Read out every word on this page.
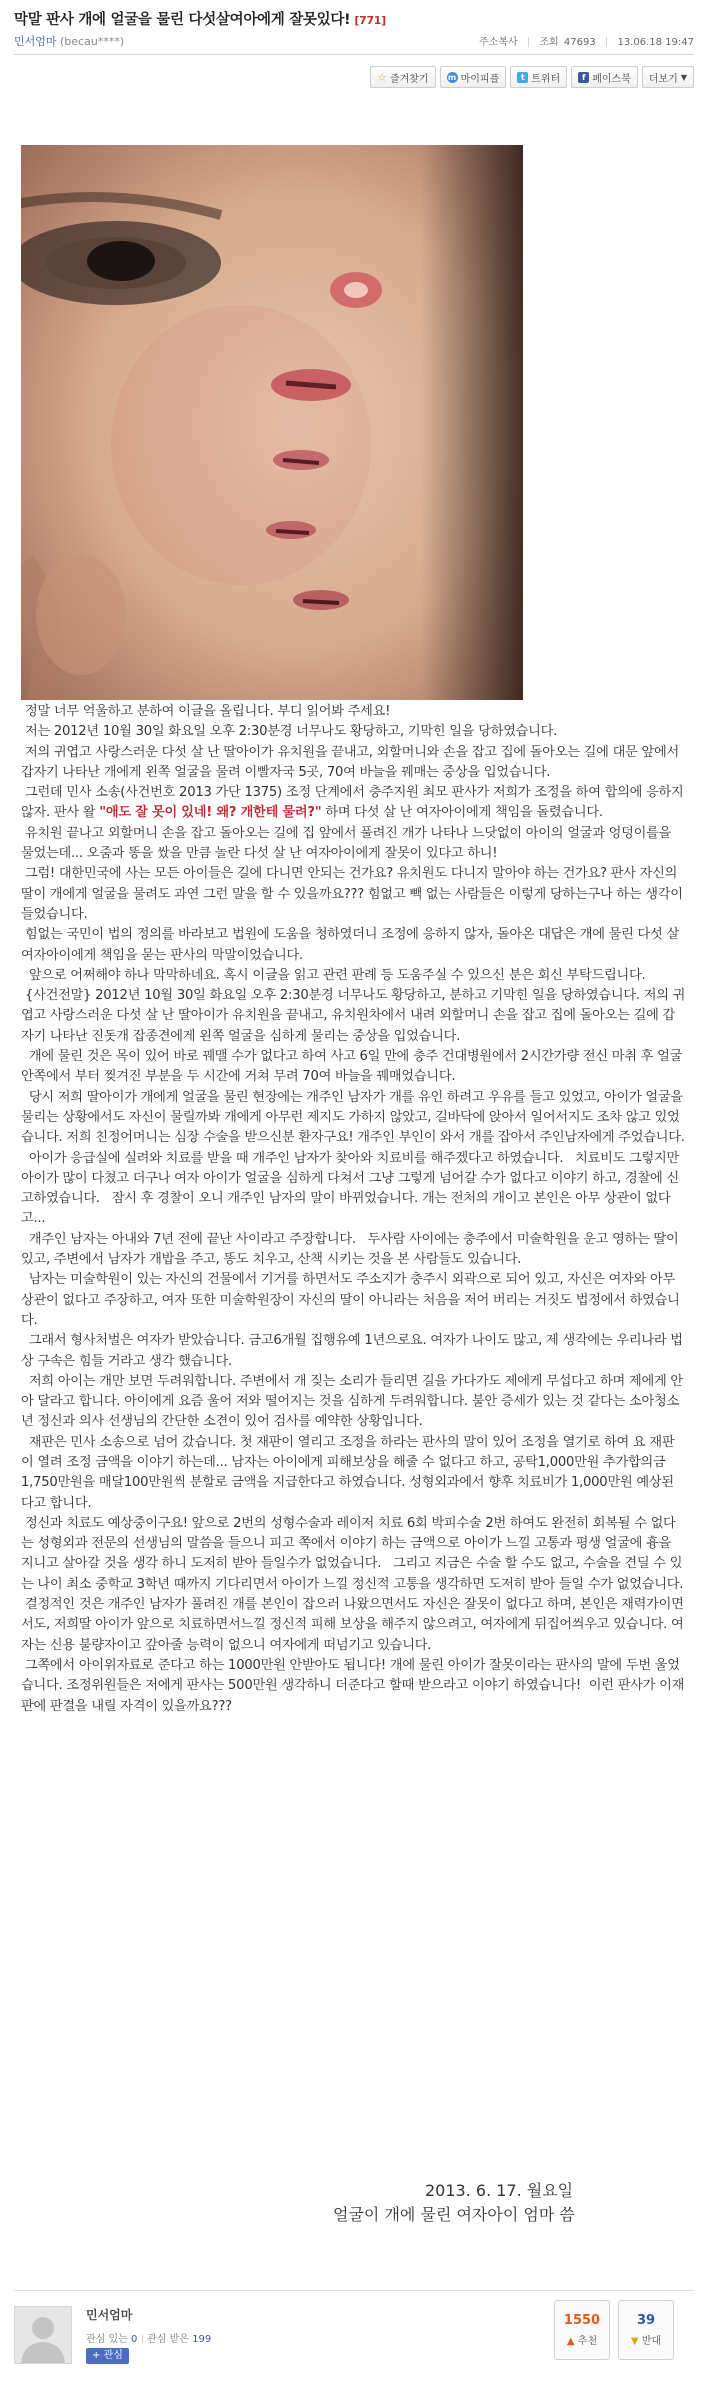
막말 판사 개에 얼굴을 물린 다섯살여아에게 잘못있다! [771]
민서엄마 (becau****)	주소복사 | 조회 47693 | 13.06.18 19:47
☆ 즐겨찾기 m 마이피플	t 트위터	f 페이스북 더보기 ▼

정말 너무 억울하고 분하여 이글을 올립니다. 부디 읽어봐 주세요!

저는 2012년 10월 30일 화요일 오후 2:30분경 너무나도 황당하고, 기막힌 일을 당하였습니다.

저의 귀엽고 사랑스러운 다섯 살 난 딸아이가 유치원을 끝내고, 외할머니와 손을 잡고 집에 돌아오는 길에 대문 앞에서 갑자기 나타난 개에게 왼쪽 얼굴을 물려 이빨자국 5곳, 70여 바늘을 꿰매는 중상을 입었습니다.

그런데 민사 소송(사건번호 2013 가단 1375) 조정 단계에서 충주지원 최모 판사가 저희가 조정을 하여 합의에 응하지 않자. 판사 왈 "애도 잘 못이 있네! 왜? 개한테 물려?" 하며 다섯 살 난 여자아이에게 책임을 돌렸습니다.

유치원 끝나고 외할머니 손을 잡고 돌아오는 길에 집 앞에서 풀려진 개가 나타나 느닷없이 아이의 얼굴과 엉덩이를을 물었는데... 오줌과 똥을 쌌을 만큼 놀란 다섯 살 난 여자아이에게 잘못이 있다고 하니!

그럼! 대한민국에 사는 모든 아이들은 길에 다니면 안되는 건가요? 유치원도 다니지 말아야 하는 건가요? 판사 자신의 딸이 개에게 얼굴을 물려도 과연 그런 말을 할 수 있을까요??? 힘없고 빽 없는 사람들은 이렇게 당하는구나 하는 생각이 들었습니다.

힘없는 국민이 법의 정의를 바라보고 법원에 도움을 청하였더니 조정에 응하지 않자, 돌아온 대답은 개에 물린 다섯 살 여자아이에게 책임을 묻는 판사의 막말이었습니다.

앞으로 어쩌해야 하나 막막하네요. 혹시 이글을 읽고 관련 판례 등 도움주실 수 있으신 분은 회신 부탁드립니다.

{사건전말} 2012년 10월 30일 화요일 오후 2:30분경 너무나도 황당하고, 분하고 기막힌 일을 당하였습니다. 저의 귀엽고 사랑스러운 다섯 살 난 딸아이가 유치원을 끝내고, 유치원차에서 내려 외할머니 손을 잡고 집에 돌아오는 길에 갑자기 나타난 진돗개 잡종견에게 왼쪽 얼굴을 심하게 물리는 중상을 입었습니다.

개에 물린 것은 목이 있어 바로 꿰맬 수가 없다고 하여 사고 6일 만에 충주 건대병원에서 2시간가량 전신 마취 후 얼굴 안쪽에서 부터 찢겨진 부분을 두 시간에 거쳐 무려 70여 바늘을 꿰매었습니다.

당시 저희 딸아이가 개에게 얼굴을 물린 현장에는 개주인 남자가 개를 유인 하려고 우유를 들고 있었고, 아이가 얼굴을 물리는 상황에서도 자신이 물릴까봐 개에게 아무런 제지도 가하지 않았고, 길바닥에 앉아서 일어서지도 조차 않고 있었습니다. 저희 친정어머니는 심장 수술을 받으신분 환자구요! 개주인 부인이 와서 개를 잡아서 주인남자에게 주었습니다.

아이가 응급실에 실려와 치료를 받을 때 개주인 남자가 찾아와 치료비를 해주겠다고 하였습니다.   치료비도 그렇지만 아이가 많이 다쳤고 더구나 여자 아이가 얼굴을 심하게 다쳐서 그냥 그렇게 넘어갈 수가 없다고 이야기 하고, 경찰에 신고하였습니다.   잠시 후 경찰이 오니 개주인 남자의 말이 바뀌었습니다. 개는 전처의 개이고 본인은 아무 상관이 없다고...

개주인 남자는 아내와 7년 전에 끝난 사이라고 주장합니다.   두사람 사이에는 충주에서 미술학원을 운고 영하는 딸이 있고, 주변에서 남자가 개밥을 주고, 똥도 치우고, 산책 시키는 것을 본 사람들도 있습니다.

남자는 미술학원이 있는 자신의 건물에서 기거를 하면서도 주소지가 충주시 외곽으로 되어 있고, 자신은 여자와 아무 상관이 없다고 주장하고, 여자 또한 미술학원장이 자신의 딸이 아니라는 처음을 저어 버리는 거짓도 법정에서 하였습니다.

그래서 형사처벌은 여자가 받았습니다. 금고6개월 집행유예 1년으로요. 여자가 나이도 많고, 제 생각에는 우리나라 법상 구속은 힘들 거라고 생각 했습니다.

저희 아이는 개만 보면 두려워합니다. 주변에서 개 짖는 소리가 들리면 길을 가다가도 제에게 무섭다고 하며 제에게 안아 달라고 합니다. 아이에게 요즘 울어 저와 떨어지는 것을 심하게 두려워합니다. 불안 증세가 있는 것 같다는 소아청소년 정신과 의사 선생님의 간단한 소견이 있어 검사를 예약한 상황입니다.

재판은 민사 소송으로 넘어 갔습니다. 첫 재판이 열리고 조정을 하라는 판사의 말이 있어 조정을 열기로 하여 요 재판이 열려 조정 금액을 이야기 하는데... 남자는 아이에게 피해보상을 해줄 수 없다고 하고, 공탁1,000만원 추가합의금1,750만원을 매달100만원씩 분할로 금액을 지급한다고 하였습니다. 성형외과에서 향후 치료비가 1,000만원 예상된다고 합니다.

정신과 치료도 예상중이구요! 앞으로 2번의 성형수술과 레이저 치료 6회 박피수술 2번 하여도 완전히 회복될 수 없다는 성형외과 전문의 선생님의 말씀을 들으니 피고 쪽에서 이야기 하는 금액으로 아이가 느낄 고통과 평생 얼굴에 흉을 지니고 살아갈 것을 생각 하니 도저히 받아 들일수가 없었습니다.   그리고 지금은 수술 할 수도 없고, 수술을 견딜 수 있는 나이 최소 중학교 3학년 때까지 기다리면서 아이가 느낄 정신적 고통을 생각하면 도저히 받아 들일 수가 없었습니다.

결정적인 것은 개주인 남자가 풀려진 개를 본인이 잡으러 나왔으면서도 자신은 잘못이 없다고 하며, 본인은 재력가이면서도, 저희딸 아이가 앞으로 치료하면서느낄 정신적 피해 보상을 해주지 않으려고, 여자에게 뒤집어씌우고 있습니다. 여자는 신용 불량자이고 갚아줄 능력이 없으니 여자에게 떠넘기고 있습니다.

그쪽에서 아이위자료로 준다고 하는 1000만원 안받아도 됩니다! 개에 물린 아이가 잘못이라는 판사의 말에 두번 울었습니다. 조정위원들은 저에게 판사는 500만원 생각하니 더준다고 할때 받으라고 이야기 하였습니다!  이런 판사가 이재판에 판결을 내릴 자격이 있을까요???

2013. 6. 17. 월요일
얼굴이 개에 물린 여자아이 엄마 씀
민서엄마
관심 있는 0 | 관심 받은 199
+ 관심
1550
▲ 추천
39
▼ 반대
